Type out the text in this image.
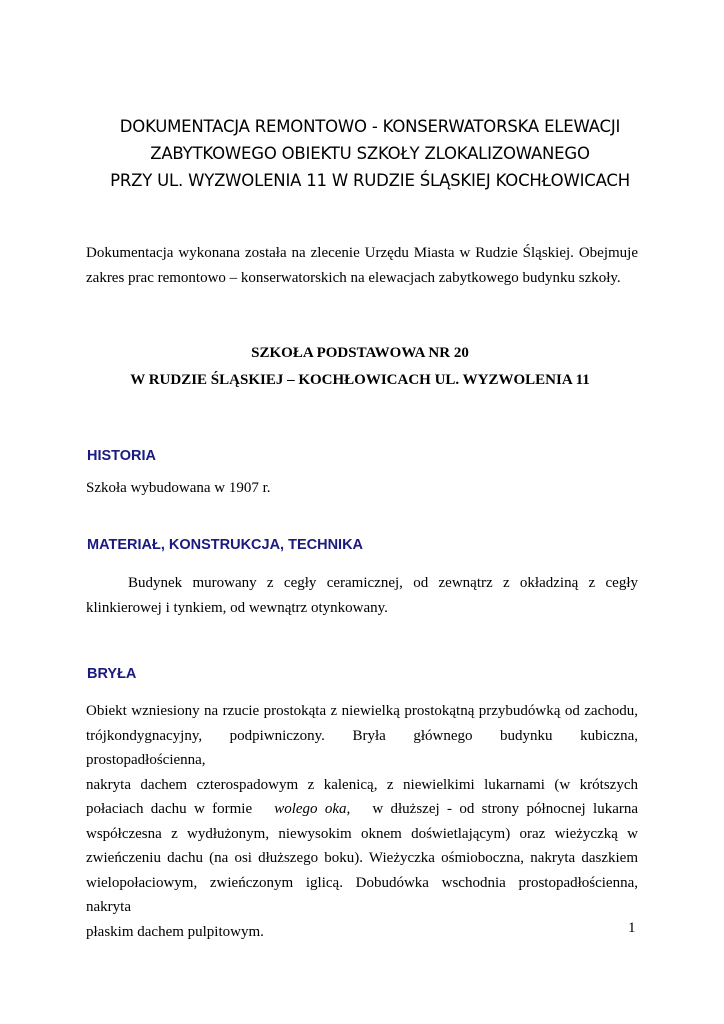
DOKUMENTACJA REMONTOWO - KONSERWATORSKA ELEWACJI
ZABYTKOWEGO OBIEKTU SZKOŁY ZLOKALIZOWANEGO
PRZY UL. WYZWOLENIA 11 W RUDZIE ŚLĄSKIEJ KOCHŁOWICACH
Dokumentacja wykonana została na zlecenie Urzędu Miasta w Rudzie Śląskiej. Obejmuje
zakres prac remontowo – konserwatorskich na elewacjach zabytkowego budynku szkoły.
SZKOŁA PODSTAWOWA NR 20
W RUDZIE ŚLĄSKIEJ – KOCHŁOWICACH UL. WYZWOLENIA 11
HISTORIA
Szkoła wybudowana w 1907 r.
MATERIAŁ, KONSTRUKCJA, TECHNIKA
Budynek murowany z cegły ceramicznej, od zewnątrz z okładziną z cegły
klinkierowej i tynkiem, od wewnątrz otynkowany.
BRYŁA
Obiekt wzniesiony na rzucie prostokąta z niewielką prostokątną przybudówką od zachodu,
trójkondygnacyjny, podpiwniczony. Bryła głównego budynku kubiczna, prostopadłościenna,
nakryta dachem czterospadowym z kalenicą, z niewielkimi lukarnami (w krótszych
połaciach dachu w formie wolego oka, w dłuższej - od strony północnej lukarna
współczesna z wydłużonym, niewysokim oknem doświetlającym) oraz wieżyczką w
zwieńczeniu dachu (na osi dłuższego boku). Wieżyczka ośmioboczna, nakryta daszkiem
wielopołaciowym, zwieńczonym iglicą. Dobudówka wschodnia prostopadłościenna, nakryta
płaskim dachem pulpitowym.	1
